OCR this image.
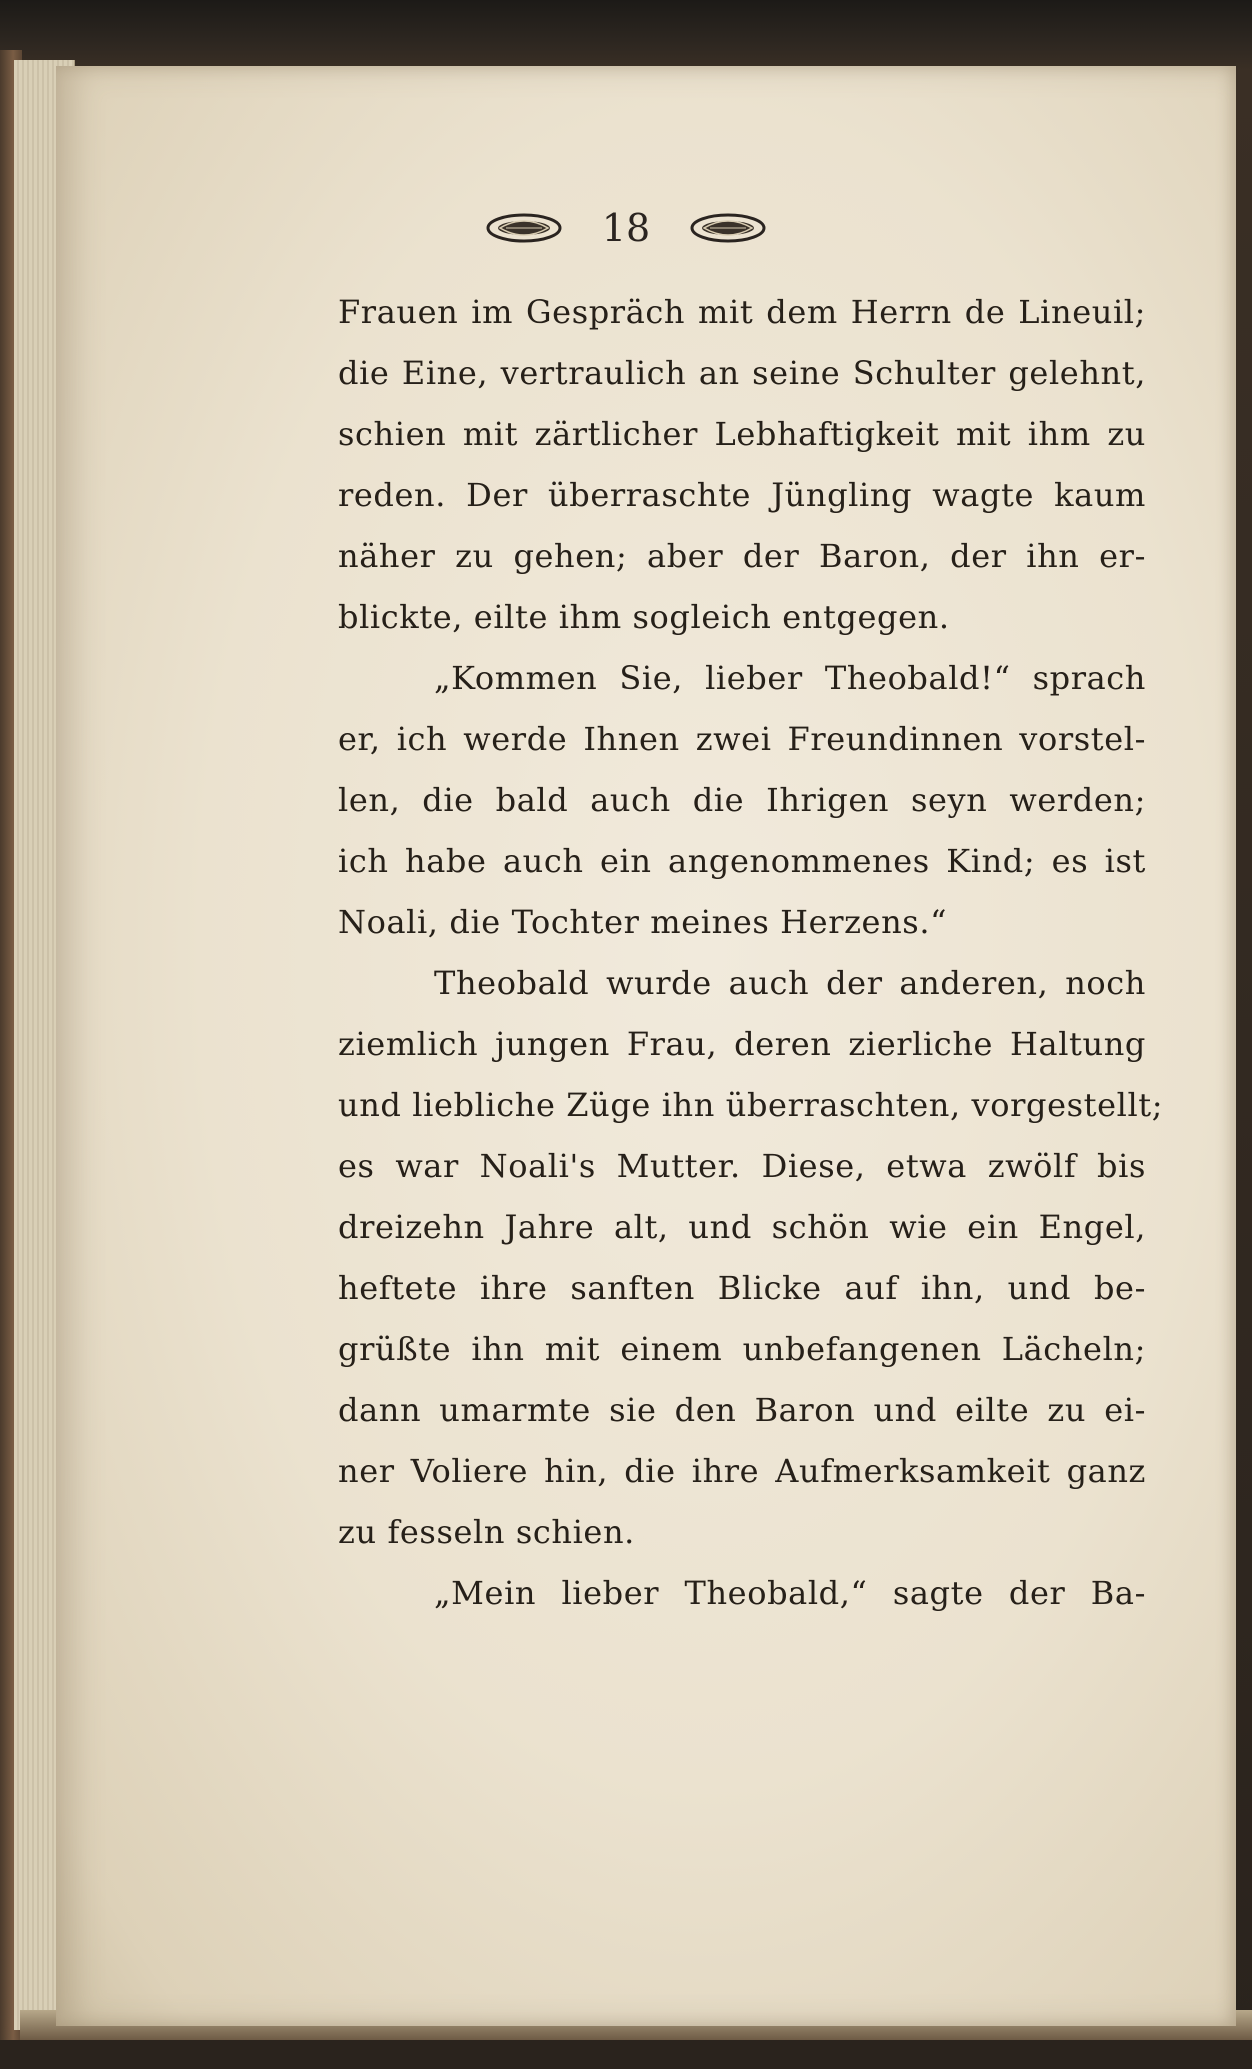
18
Frauen im Gespräch mit dem Herrn de Lineuil;
die Eine, vertraulich an seine Schulter gelehnt,
schien mit zärtlicher Lebhaftigkeit mit ihm zu
reden. Der überraschte Jüngling wagte kaum
näher zu gehen; aber der Baron, der ihn er-
blickte, eilte ihm sogleich entgegen.
„Kommen Sie, lieber Theobald!“ sprach
er, ich werde Ihnen zwei Freundinnen vorstel-
len, die bald auch die Ihrigen seyn werden;
ich habe auch ein angenommenes Kind; es ist
Noali, die Tochter meines Herzens.“
Theobald wurde auch der anderen, noch
ziemlich jungen Frau, deren zierliche Haltung
und liebliche Züge ihn überraschten, vorgestellt;
es war Noali's Mutter. Diese, etwa zwölf bis
dreizehn Jahre alt, und schön wie ein Engel,
heftete ihre sanften Blicke auf ihn, und be-
grüßte ihn mit einem unbefangenen Lächeln;
dann umarmte sie den Baron und eilte zu ei-
ner Voliere hin, die ihre Aufmerksamkeit ganz
zu fesseln schien.
„Mein lieber Theobald,“ sagte der Ba-
